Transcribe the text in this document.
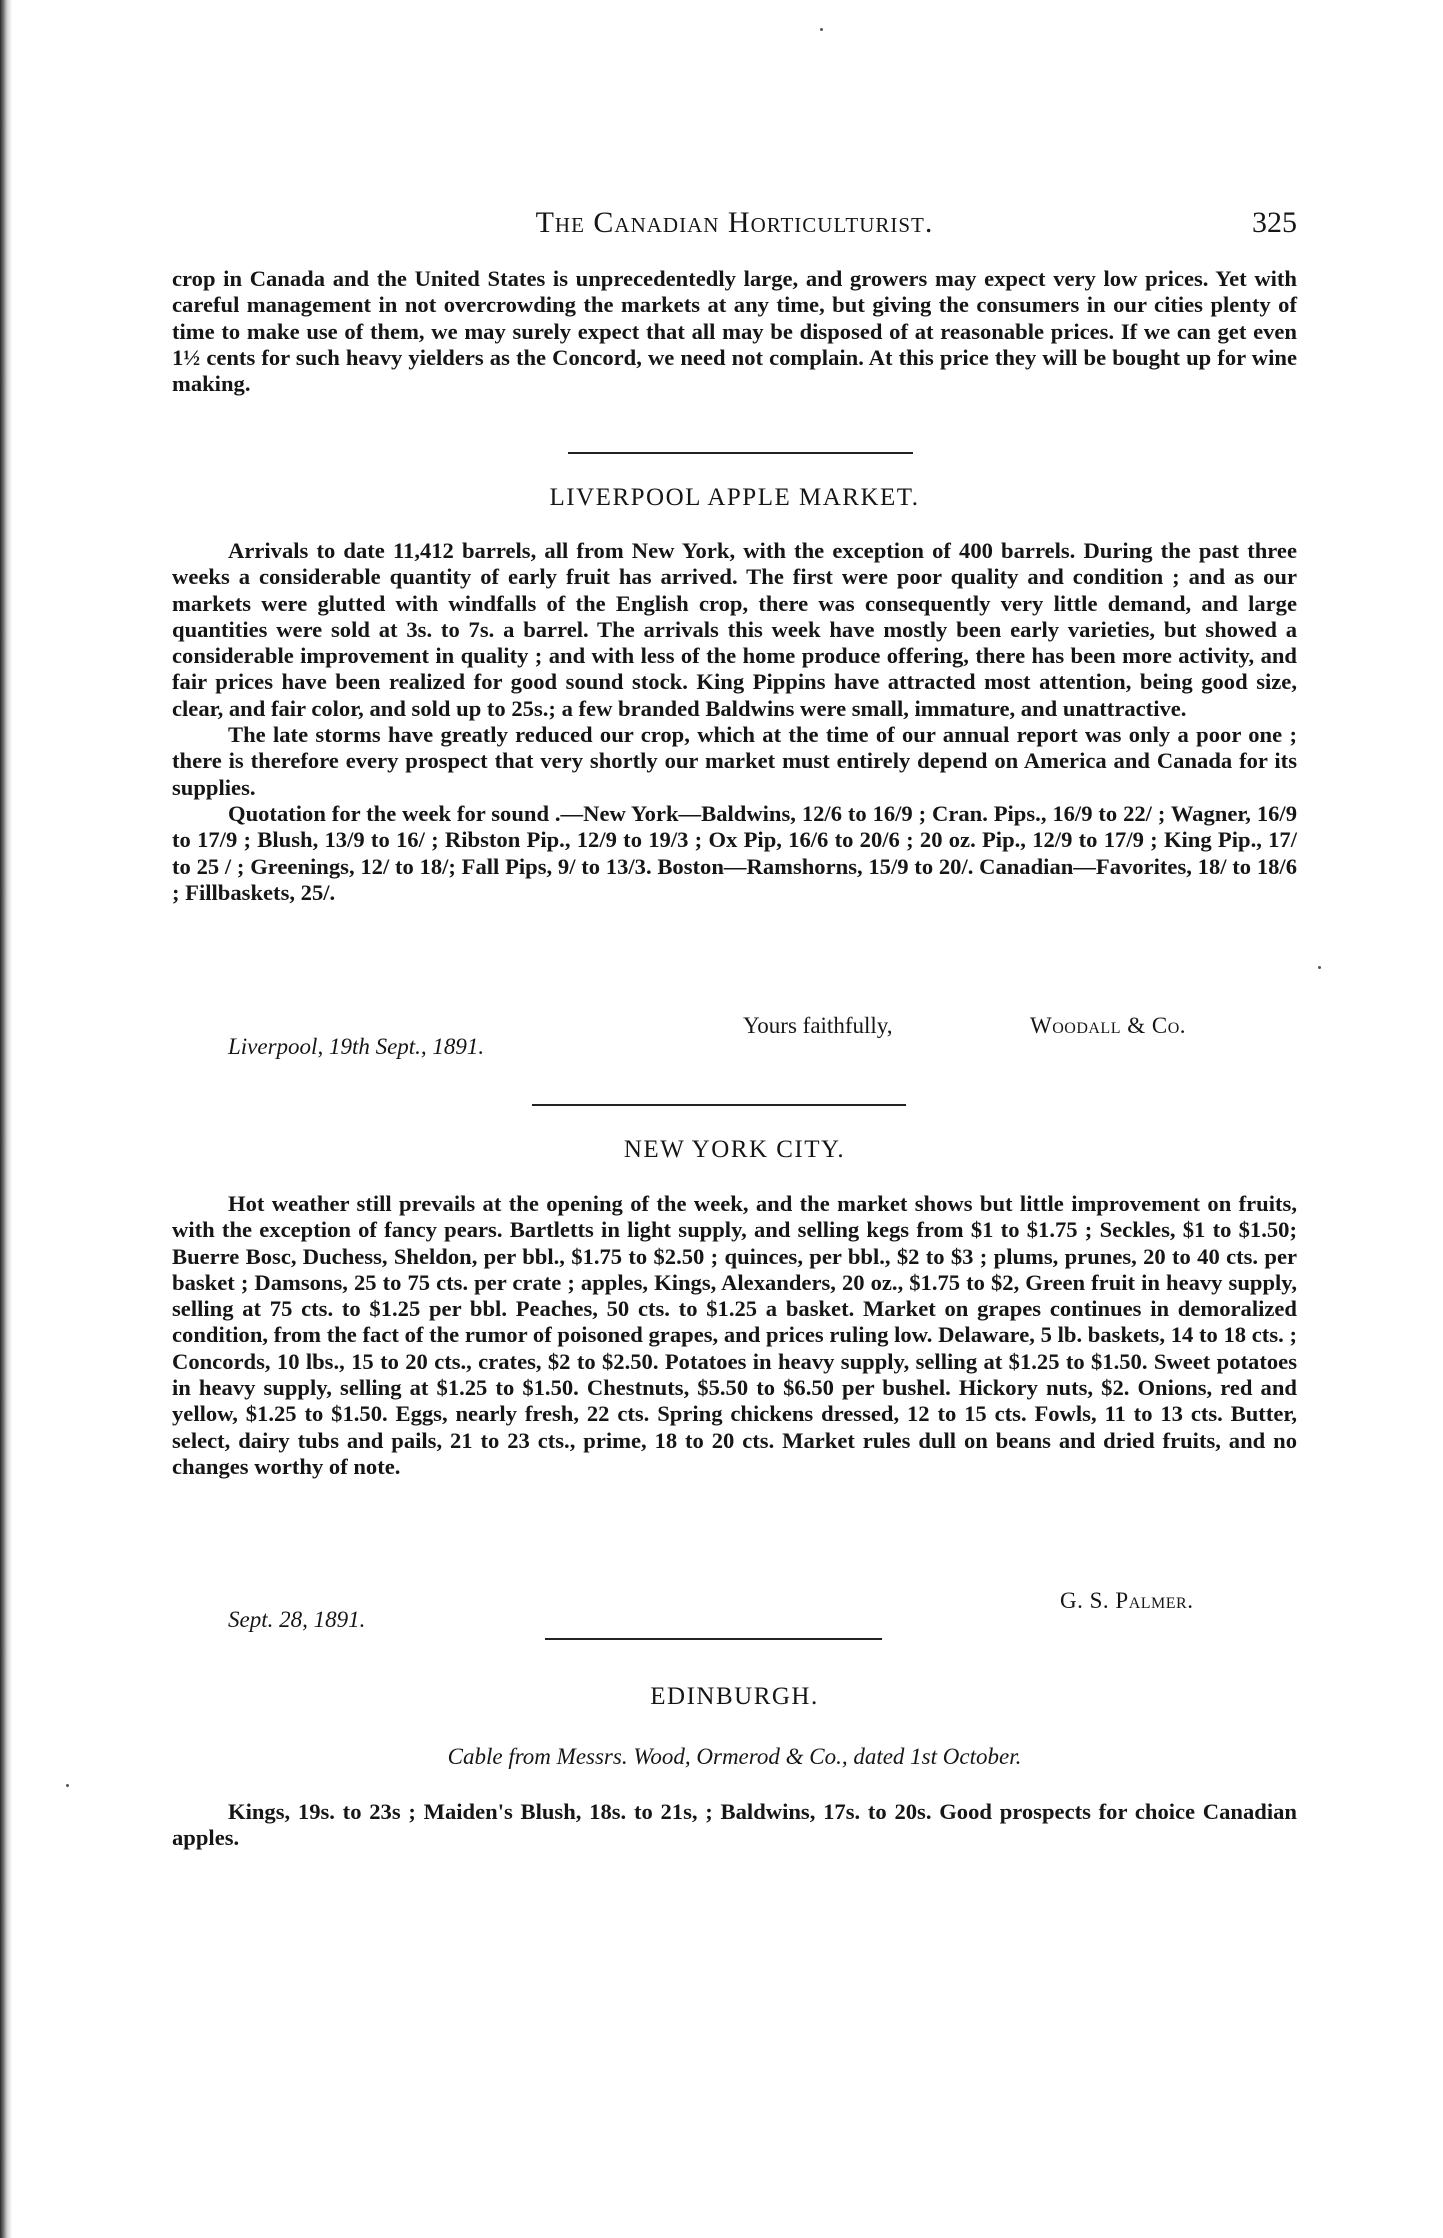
The Canadian Horticulturist.	325

crop in Canada and the United States is unprecedentedly large, and growers may expect very low prices. Yet with careful management in not overcrowding the markets at any time, but giving the consumers in our cities plenty of time to make use of them, we may surely expect that all may be disposed of at reasonable prices. If we can get even 1½ cents for such heavy yielders as the Concord, we need not complain. At this price they will be bought up for wine making.

LIVERPOOL APPLE MARKET.

Arrivals to date 11,412 barrels, all from New York, with the exception of 400 barrels. During the past three weeks a considerable quantity of early fruit has arrived. The first were poor quality and condition ; and as our markets were glutted with windfalls of the English crop, there was consequently very little demand, and large quantities were sold at 3s. to 7s. a barrel. The arrivals this week have mostly been early varieties, but showed a considerable improvement in quality ; and with less of the home produce offering, there has been more activity, and fair prices have been realized for good sound stock. King Pippins have attracted most attention, being good size, clear, and fair color, and sold up to 25s.; a few branded Baldwins were small, immature, and unattractive.

The late storms have greatly reduced our crop, which at the time of our annual report was only a poor one ; there is therefore every prospect that very shortly our market must entirely depend on America and Canada for its supplies.

Quotation for the week for sound .—New York—Baldwins, 12/6 to 16/9 ; Cran. Pips., 16/9 to 22/ ; Wagner, 16/9 to 17/9 ; Blush, 13/9 to 16/ ; Ribston Pip., 12/9 to 19/3 ; Ox Pip, 16/6 to 20/6 ; 20 oz. Pip., 12/9 to 17/9 ; King Pip., 17/ to 25 / ; Greenings, 12/ to 18/; Fall Pips, 9/ to 13/3. Boston—Ramshorns, 15/9 to 20/. Canadian—Favorites, 18/ to 18/6 ; Fillbaskets, 25/.

Yours faithfully,	Woodall & Co.
Liverpool, 19th Sept., 1891.
NEW YORK CITY.

Hot weather still prevails at the opening of the week, and the market shows but little improvement on fruits, with the exception of fancy pears. Bartletts in light supply, and selling kegs from $1 to $1.75 ; Seckles, $1 to $1.50; Buerre Bosc, Duchess, Sheldon, per bbl., $1.75 to $2.50 ; quinces, per bbl., $2 to $3 ; plums, prunes, 20 to 40 cts. per basket ; Damsons, 25 to 75 cts. per crate ; apples, Kings, Alexanders, 20 oz., $1.75 to $2, Green fruit in heavy supply, selling at 75 cts. to $1.25 per bbl. Peaches, 50 cts. to $1.25 a basket. Market on grapes continues in demoralized condition, from the fact of the rumor of poisoned grapes, and prices ruling low. Delaware, 5 lb. baskets, 14 to 18 cts. ; Concords, 10 lbs., 15 to 20 cts., crates, $2 to $2.50. Potatoes in heavy supply, selling at $1.25 to $1.50. Sweet potatoes in heavy supply, selling at $1.25 to $1.50. Chestnuts, $5.50 to $6.50 per bushel. Hickory nuts, $2. Onions, red and yellow, $1.25 to $1.50. Eggs, nearly fresh, 22 cts. Spring chickens dressed, 12 to 15 cts. Fowls, 11 to 13 cts. Butter, select, dairy tubs and pails, 21 to 23 cts., prime, 18 to 20 cts. Market rules dull on beans and dried fruits, and no changes worthy of note.

G. S. Palmer.
Sept. 28, 1891.
EDINBURGH.
Cable from Messrs. Wood, Ormerod & Co., dated 1st October.

Kings, 19s. to 23s ; Maiden's Blush, 18s. to 21s, ; Baldwins, 17s. to 20s. Good prospects for choice Canadian apples.
